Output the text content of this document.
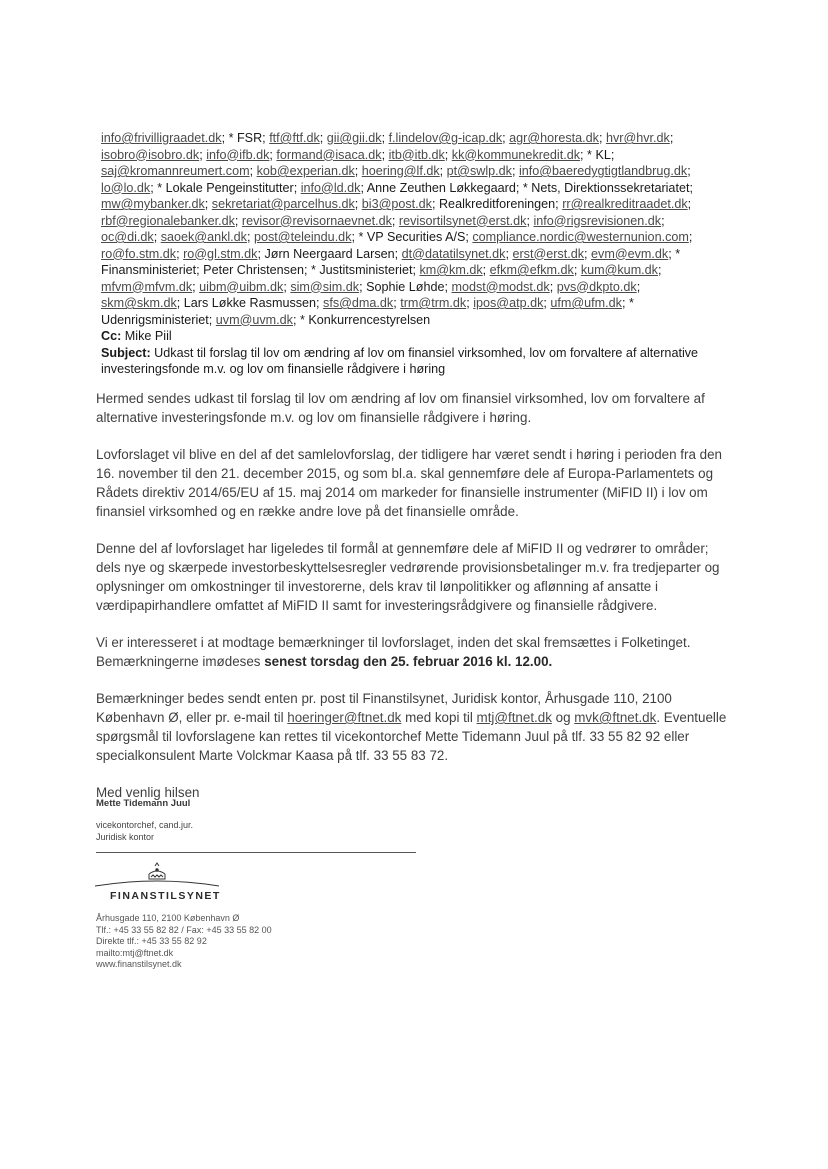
info@frivilligraadet.dk; * FSR; ftf@ftf.dk; gii@gii.dk; f.lindelov@g-icap.dk; agr@horesta.dk; hvr@hvr.dk;
isobro@isobro.dk; info@ifb.dk; formand@isaca.dk; itb@itb.dk; kk@kommunekredit.dk; * KL;
saj@kromannreumert.com; kob@experian.dk; hoering@lf.dk; pt@swlp.dk; info@baeredygtigtlandbrug.dk;
lo@lo.dk; * Lokale Pengeinstitutter; info@ld.dk; Anne Zeuthen Løkkegaard; * Nets, Direktionssekretariatet;
mw@mybanker.dk; sekretariat@parcelhus.dk; bi3@post.dk; Realkreditforeningen; rr@realkreditraadet.dk;
rbf@regionalebanker.dk; revisor@revisornaevnet.dk; revisortilsynet@erst.dk; info@rigsrevisionen.dk;
oc@di.dk; saoek@ankl.dk; post@teleindu.dk; * VP Securities A/S; compliance.nordic@westernunion.com;
ro@fo.stm.dk; ro@gl.stm.dk; Jørn Neergaard Larsen; dt@datatilsynet.dk; erst@erst.dk; evm@evm.dk; *
Finansministeriet; Peter Christensen; * Justitsministeriet; km@km.dk; efkm@efkm.dk; kum@kum.dk;
mfvm@mfvm.dk; uibm@uibm.dk; sim@sim.dk; Sophie Løhde; modst@modst.dk; pvs@dkpto.dk;
skm@skm.dk; Lars Løkke Rasmussen; sfs@dma.dk; trm@trm.dk; ipos@atp.dk; ufm@ufm.dk; *
Udenrigsministeriet; uvm@uvm.dk; * Konkurrencestyrelsen
Cc: Mike Piil
Subject: Udkast til forslag til lov om ændring af lov om finansiel virksomhed, lov om forvaltere af alternative investeringsfonde m.v. og lov om finansielle rådgivere i høring

Hermed sendes udkast til forslag til lov om ændring af lov om finansiel virksomhed, lov om forvaltere af alternative investeringsfonde m.v. og lov om finansielle rådgivere i høring.

Lovforslaget vil blive en del af det samlelovforslag, der tidligere har været sendt i høring i perioden fra den 16. november til den 21. december 2015, og som bl.a. skal gennemføre dele af Europa-Parlamentets og Rådets direktiv 2014/65/EU af 15. maj 2014 om markeder for finansielle instrumenter (MiFID II) i lov om finansiel virksomhed og en række andre love på det finansielle område.

Denne del af lovforslaget har ligeledes til formål at gennemføre dele af MiFID II og vedrører to områder; dels nye og skærpede investorbeskyttelsesregler vedrørende provisionsbetalinger m.v. fra tredjeparter og oplysninger om omkostninger til investorerne, dels krav til lønpolitikker og aflønning af ansatte i værdipapirhandlere omfattet af MiFID II samt for investeringsrådgivere og finansielle rådgivere.

Vi er interesseret i at modtage bemærkninger til lovforslaget, inden det skal fremsættes i Folketinget. Bemærkningerne imødeses senest torsdag den 25. februar 2016 kl. 12.00.

Bemærkninger bedes sendt enten pr. post til Finanstilsynet, Juridisk kontor, Århusgade 110, 2100 København Ø, eller pr. e-mail til hoeringer@ftnet.dk med kopi til mtj@ftnet.dk og mvk@ftnet.dk. Eventuelle spørgsmål til lovforslagene kan rettes til vicekontorchef Mette Tidemann Juul på tlf. 33 55 82 92 eller specialkonsulent Marte Volckmar Kaasa på tlf. 33 55 83 72.

Med venlig hilsen

Mette Tidemann Juul
vicekontorchef, cand.jur.
Juridisk kontor
FINANSTILSYNET
Århusgade 110, 2100 København Ø
Tlf.: +45 33 55 82 82 / Fax: +45 33 55 82 00
Direkte tlf.: +45 33 55 82 92
mailto:mtj@ftnet.dk
www.finanstilsynet.dk
